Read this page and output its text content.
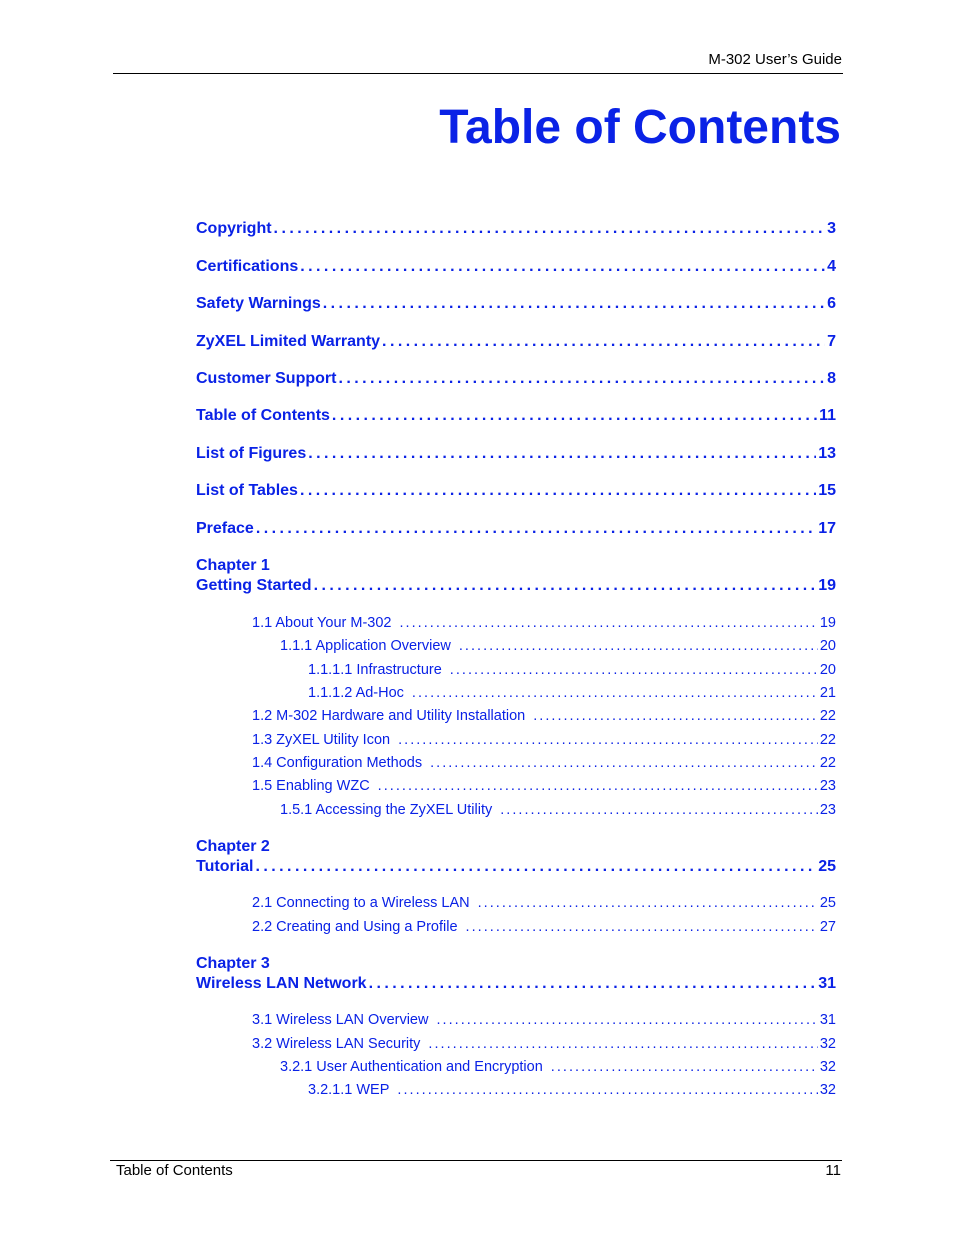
M-302 User’s Guide
Table of Contents
Copyright . . .	3
Certifications . . .	4
Safety Warnings . . .	6
ZyXEL Limited Warranty . . .	7
Customer Support . . .	8
Table of Contents . . .	11
List of Figures . . .	13
List of Tables . . .	15
Preface . . .	17
Chapter 1
Getting Started . . .	19
1.1 About Your M-302 . . .	19
1.1.1 Application Overview . . .	20
1.1.1.1 Infrastructure . . .	20
1.1.1.2 Ad-Hoc . . .	21
1.2 M-302 Hardware and Utility Installation . . .	22
1.3 ZyXEL Utility Icon . . .	22
1.4 Configuration Methods . . .	22
1.5 Enabling WZC . . .	23
1.5.1 Accessing the ZyXEL Utility . . .	23
Chapter 2
Tutorial . . .	25
2.1 Connecting to a Wireless LAN . . .	25
2.2 Creating and Using a Profile . . .	27
Chapter 3
Wireless LAN Network . . .	31
3.1 Wireless LAN Overview . . .	31
3.2 Wireless LAN Security . . .	32
3.2.1 User Authentication and Encryption . . .	32
3.2.1.1 WEP . . .	32
Table of Contents	11
